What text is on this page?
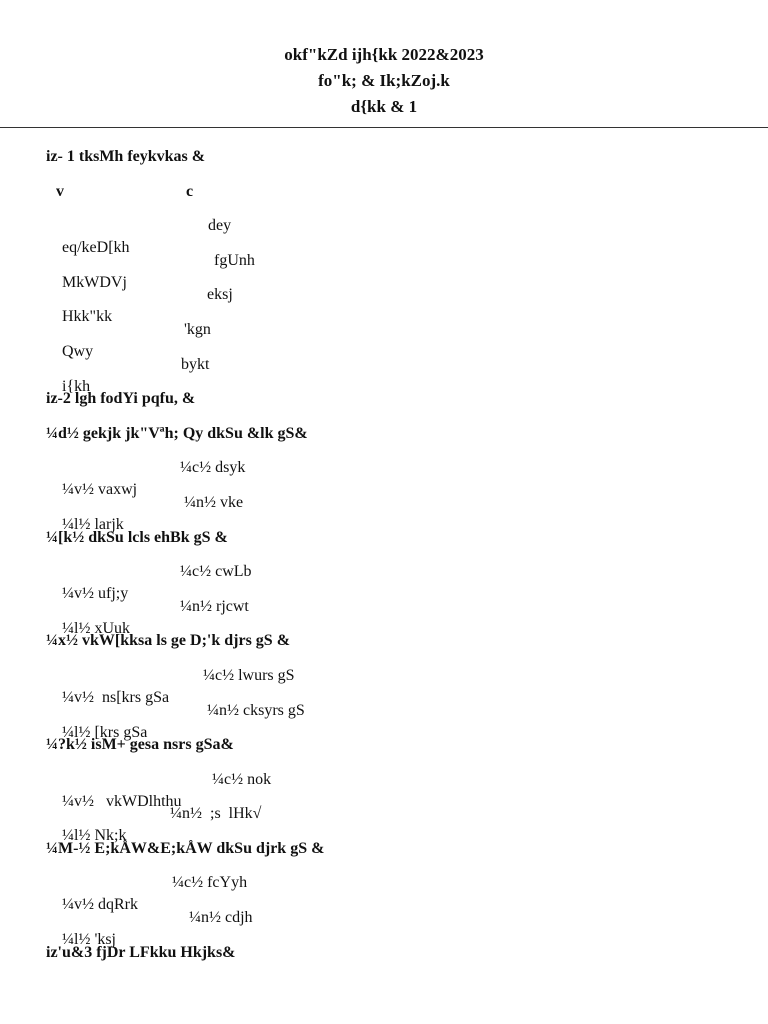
okf"kZd ijh{kk 2022&2023
fo"k; & Ik;kZoj.k
d{kk & 1
iz- 1 tksMh feykvkas &

v

	c

eq/keD[kh

dey

MkWDVj

fgUnh

Hkk"kk

eksj

Qwy

'kgn

i{kh

bykt

iz-2 lgh fodYi pqfu, &
¼d½ gekjk jk"Vªh; Qy dkSu &lk gS&

¼v½ vaxwj

¼c½ dsyk

¼l½ larjk

¼n½ vke

¼[k½ dkSu lcls ehBk gS &

¼v½ ufj;y

¼c½ cwLb

¼l½ xUuk

¼n½ rjcwt

¼x½ vkW[kksa ls ge D;'k djrs gS &

¼v½  ns[krs gSa

¼c½ lwurs gS

¼l½ [krs gSa

¼n½ cksyrs gS

¼?k½ isM+ gesa nsrs gSa&

¼v½   vkWDlhthu

¼c½ nok

¼l½ Nk;k

¼n½  ;s  lHk√

¼M-½ E;kÅW&E;kÅW dkSu djrk gS &

¼v½ dqRrk

¼c½ fcYyh

¼l½ 'ksj

¼n½ cdjh

iz'u&3 fjDr LFkku Hkjks&
